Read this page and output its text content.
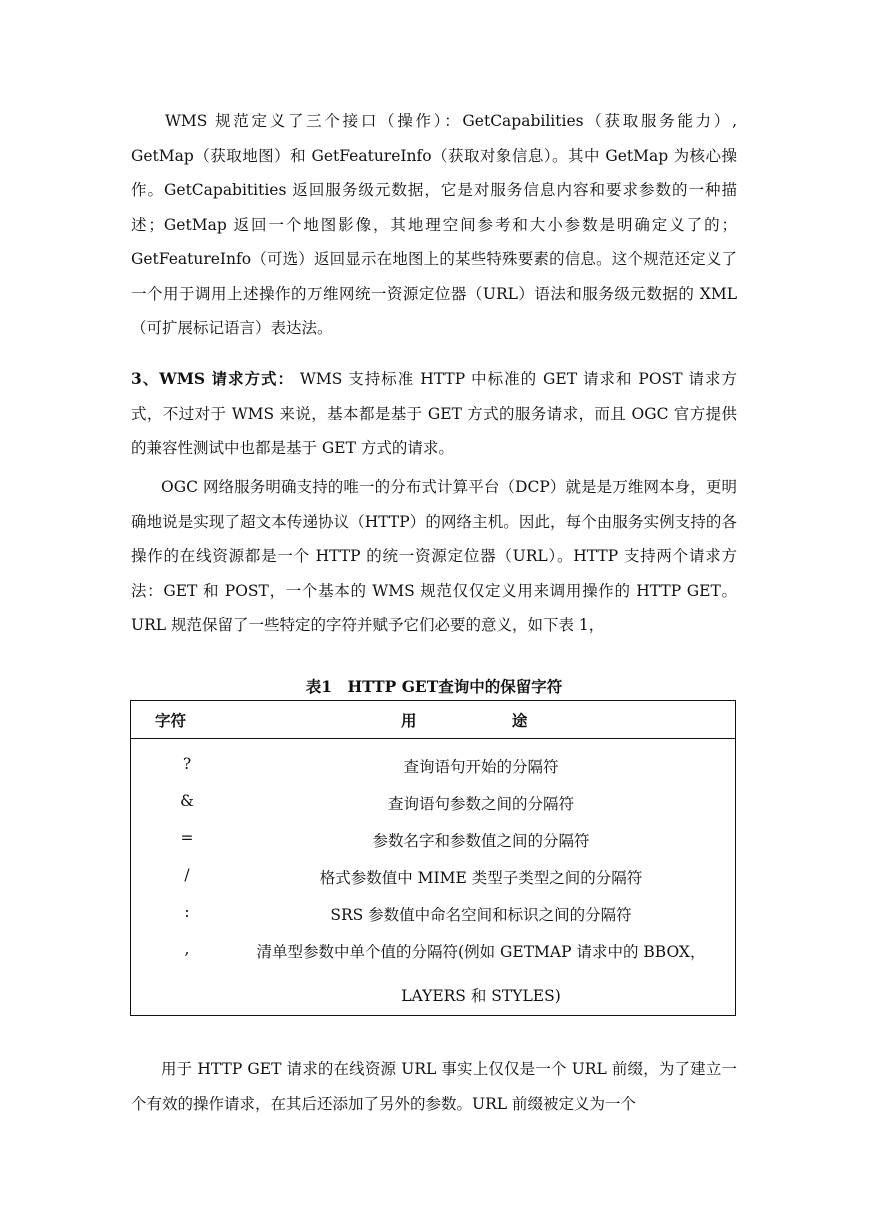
WMS 规范定义了三个接口（操作）：GetCapabilities（获取服务能力）, GetMap（获取地图）和 GetFeatureInfo（获取对象信息）。其中 GetMap 为核心操作。GetCapabitities 返回服务级元数据，它是对服务信息内容和要求参数的一种描述；GetMap 返回一个地图影像，其地理空间参考和大小参数是明确定义了的；GetFeatureInfo（可选）返回显示在地图上的某些特殊要素的信息。这个规范还定义了一个用于调用上述操作的万维网统一资源定位器（URL）语法和服务级元数据的 XML（可扩展标记语言）表达法。

3、WMS 请求方式： WMS 支持标准 HTTP 中标准的 GET 请求和 POST 请求方式，不过对于 WMS 来说，基本都是基于 GET 方式的服务请求，而且 OGC 官方提供的兼容性测试中也都是基于 GET 方式的请求。

OGC 网络服务明确支持的唯一的分布式计算平台（DCP）就是是万维网本身，更明确地说是实现了超文本传递协议（HTTP）的网络主机。因此，每个由服务实例支持的各操作的在线资源都是一个 HTTP 的统一资源定位器（URL）。HTTP 支持两个请求方法：GET 和 POST，一个基本的 WMS 规范仅仅定义用来调用操作的 HTTP GET。URL 规范保留了一些特定的字符并赋予它们必要的意义，如下表 1，

表1　HTTP GET查询中的保留字符
字符	用 途
?	查询语句开始的分隔符
&	查询语句参数之间的分隔符
=	参数名字和参数值之间的分隔符
/	格式参数值中 MIME 类型子类型之间的分隔符
:	SRS 参数值中命名空间和标识之间的分隔符
,	清单型参数中单个值的分隔符(例如 GETMAP 请求中的 BBOX，LAYERS 和 STYLES)

用于 HTTP GET 请求的在线资源 URL 事实上仅仅是一个 URL 前缀，为了建立一个有效的操作请求，在其后还添加了另外的参数。URL 前缀被定义为一个
